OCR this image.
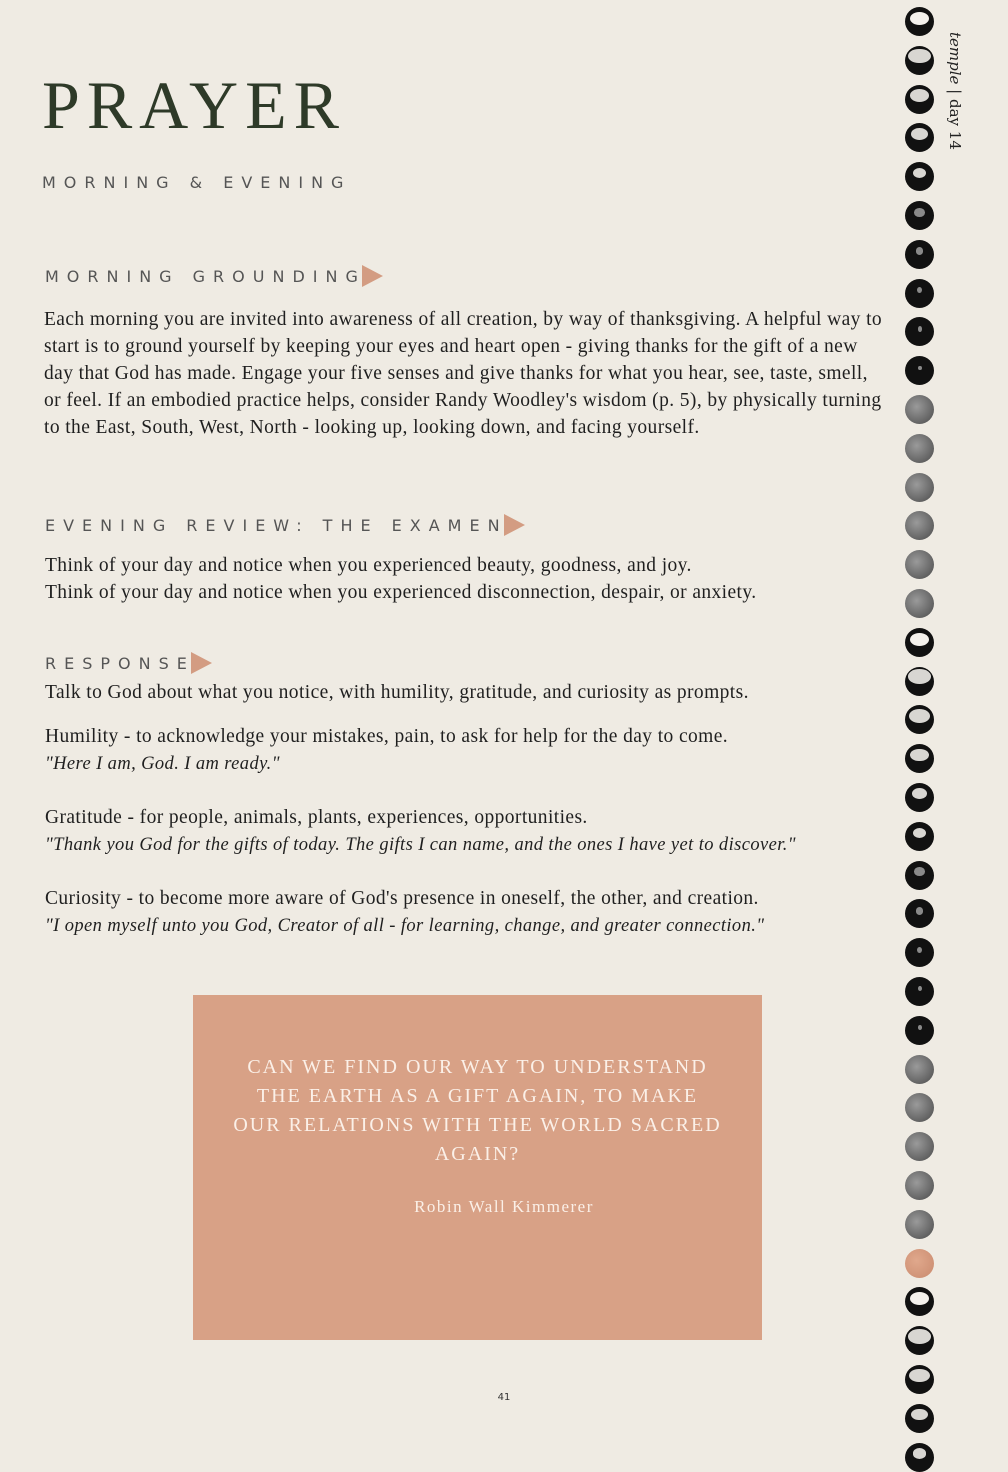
PRAYER
MORNING & EVENING
MORNING GROUNDING

Each morning you are invited into awareness of all creation, by way of thanksgiving. A helpful way to start is to ground yourself by keeping your eyes and heart open - giving thanks for the gift of a new day that God has made. Engage your five senses and give thanks for what you hear, see, taste, smell, or feel. If an embodied practice helps, consider Randy Woodley's wisdom (p. 5), by physically turning to the East, South, West, North - looking up, looking down, and facing yourself.

EVENING REVIEW: THE EXAMEN
Think of your day and notice when you experienced beauty, goodness, and joy.
Think of your day and notice when you experienced disconnection, despair, or anxiety.
RESPONSE
Talk to God about what you notice, with humility, gratitude, and curiosity as prompts.
Humility - to acknowledge your mistakes, pain, to ask for help for the day to come.
"Here I am, God. I am ready."
Gratitude - for people, animals, plants, experiences, opportunities.
"Thank you God for the gifts of today. The gifts I can name, and the ones I have yet to discover."
Curiosity - to become more aware of God's presence in oneself, the other, and creation.
"I open myself unto you God, Creator of all - for learning, change, and greater connection."
CAN WE FIND OUR WAY TO UNDERSTAND THE EARTH AS A GIFT AGAIN, TO MAKE OUR RELATIONS WITH THE WORLD SACRED AGAIN?
Robin Wall Kimmerer
41
temple | day 14
